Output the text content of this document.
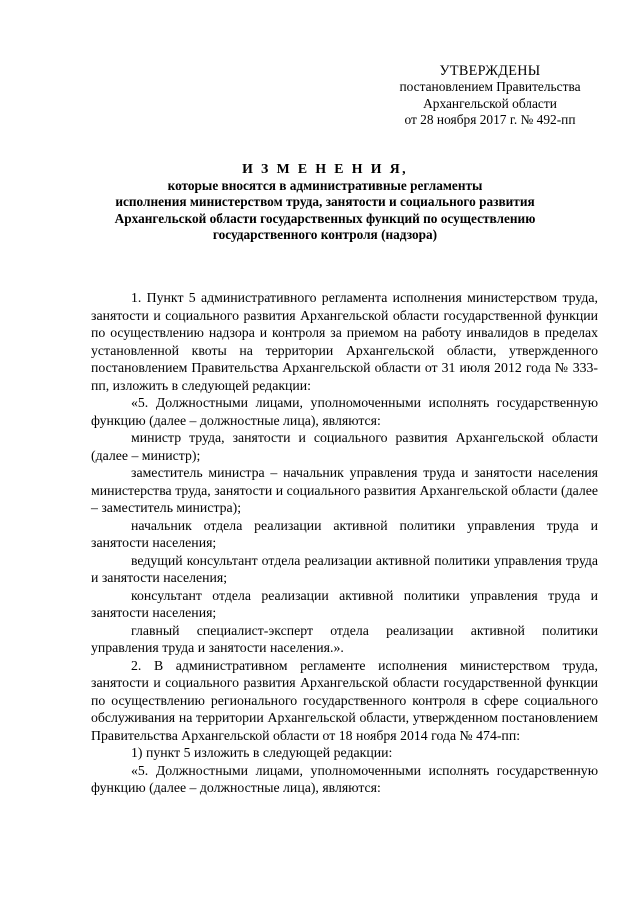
УТВЕРЖДЕНЫ
постановлением Правительства
Архангельской области
от 28 ноября 2017 г. № 492-пп
И З М Е Н Е Н И Я,
которые вносятся в административные регламенты
исполнения министерством труда, занятости и социального развития
Архангельской области государственных функций по осуществлению
государственного контроля (надзора)

1. Пункт 5 административного регламента исполнения министерством труда, занятости и социального развития Архангельской области государственной функции по осуществлению надзора и контроля за приемом на работу инвалидов в пределах установленной квоты на территории Архангельской области, утвержденного постановлением Правительства Архангельской области от 31 июля 2012 года № 333-пп, изложить в следующей редакции:

«5. Должностными лицами, уполномоченными исполнять государственную функцию (далее – должностные лица), являются:

министр труда, занятости и социального развития Архангельской области (далее – министр);

заместитель министра – начальник управления труда и занятости населения министерства труда, занятости и социального развития Архангельской области (далее – заместитель министра);

начальник отдела реализации активной политики управления труда и занятости населения;

ведущий консультант отдела реализации активной политики управления труда и занятости населения;

консультант отдела реализации активной политики управления труда и занятости населения;

главный специалист-эксперт отдела реализации активной политики управления труда и занятости населения.».

2. В административном регламенте исполнения министерством труда, занятости и социального развития Архангельской области государственной функции по осуществлению регионального государственного контроля в сфере социального обслуживания на территории Архангельской области, утвержденном постановлением Правительства Архангельской области от 18 ноября 2014 года № 474-пп:

1) пункт 5 изложить в следующей редакции:

«5. Должностными лицами, уполномоченными исполнять государственную функцию (далее – должностные лица), являются:
